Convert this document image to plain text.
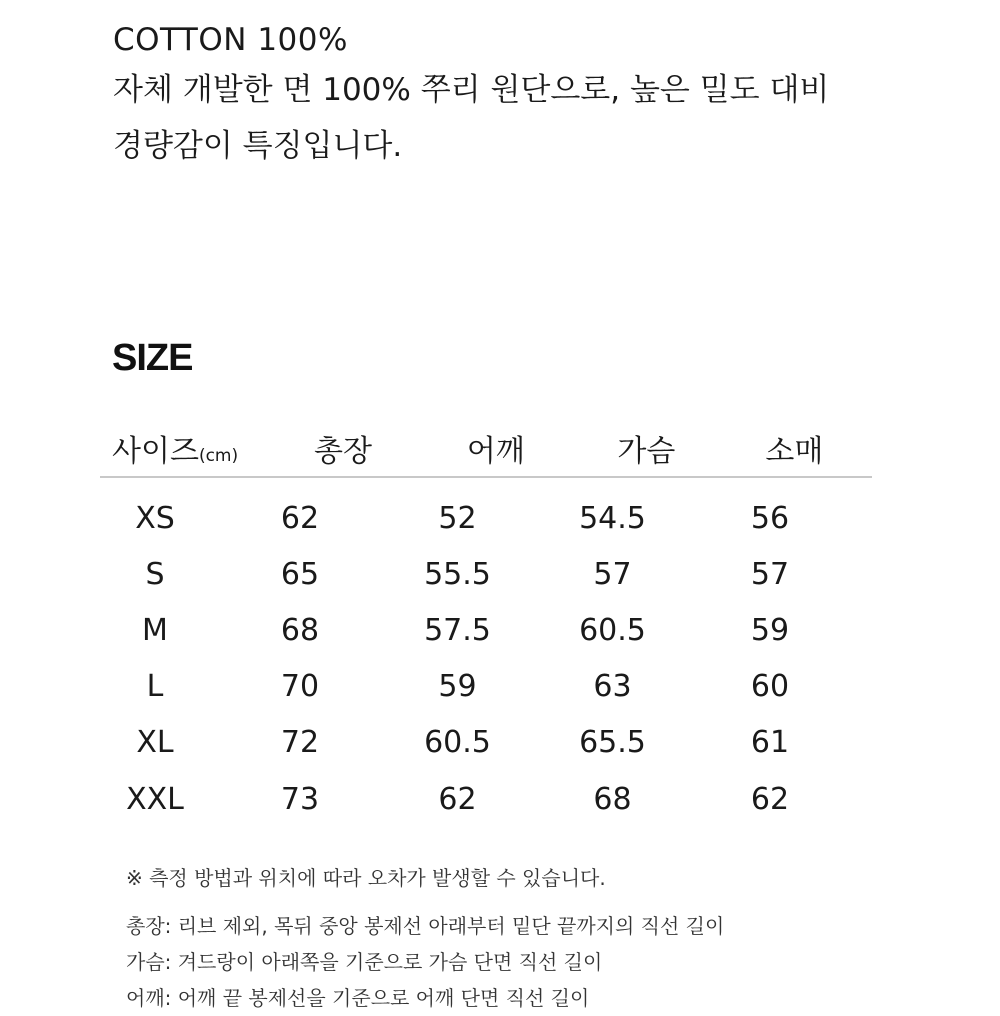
COTTON 100%
자체 개발한 면 100% 쭈리 원단으로, 높은 밀도 대비
경량감이 특징입니다.
SIZE
사이즈(cm)	총장	어깨	가슴	소매
XS	62	52	54.5	56
S	65	55.5	57	57
M	68	57.5	60.5	59
L	70	59	63	60
XL	72	60.5	65.5	61
XXL	73	62	68	62
※ 측정 방법과 위치에 따라 오차가 발생할 수 있습니다.
총장: 리브 제외, 목뒤 중앙 봉제선 아래부터 밑단 끝까지의 직선 길이
가슴: 겨드랑이 아래쪽을 기준으로 가슴 단면 직선 길이
어깨: 어깨 끝 봉제선을 기준으로 어깨 단면 직선 길이
